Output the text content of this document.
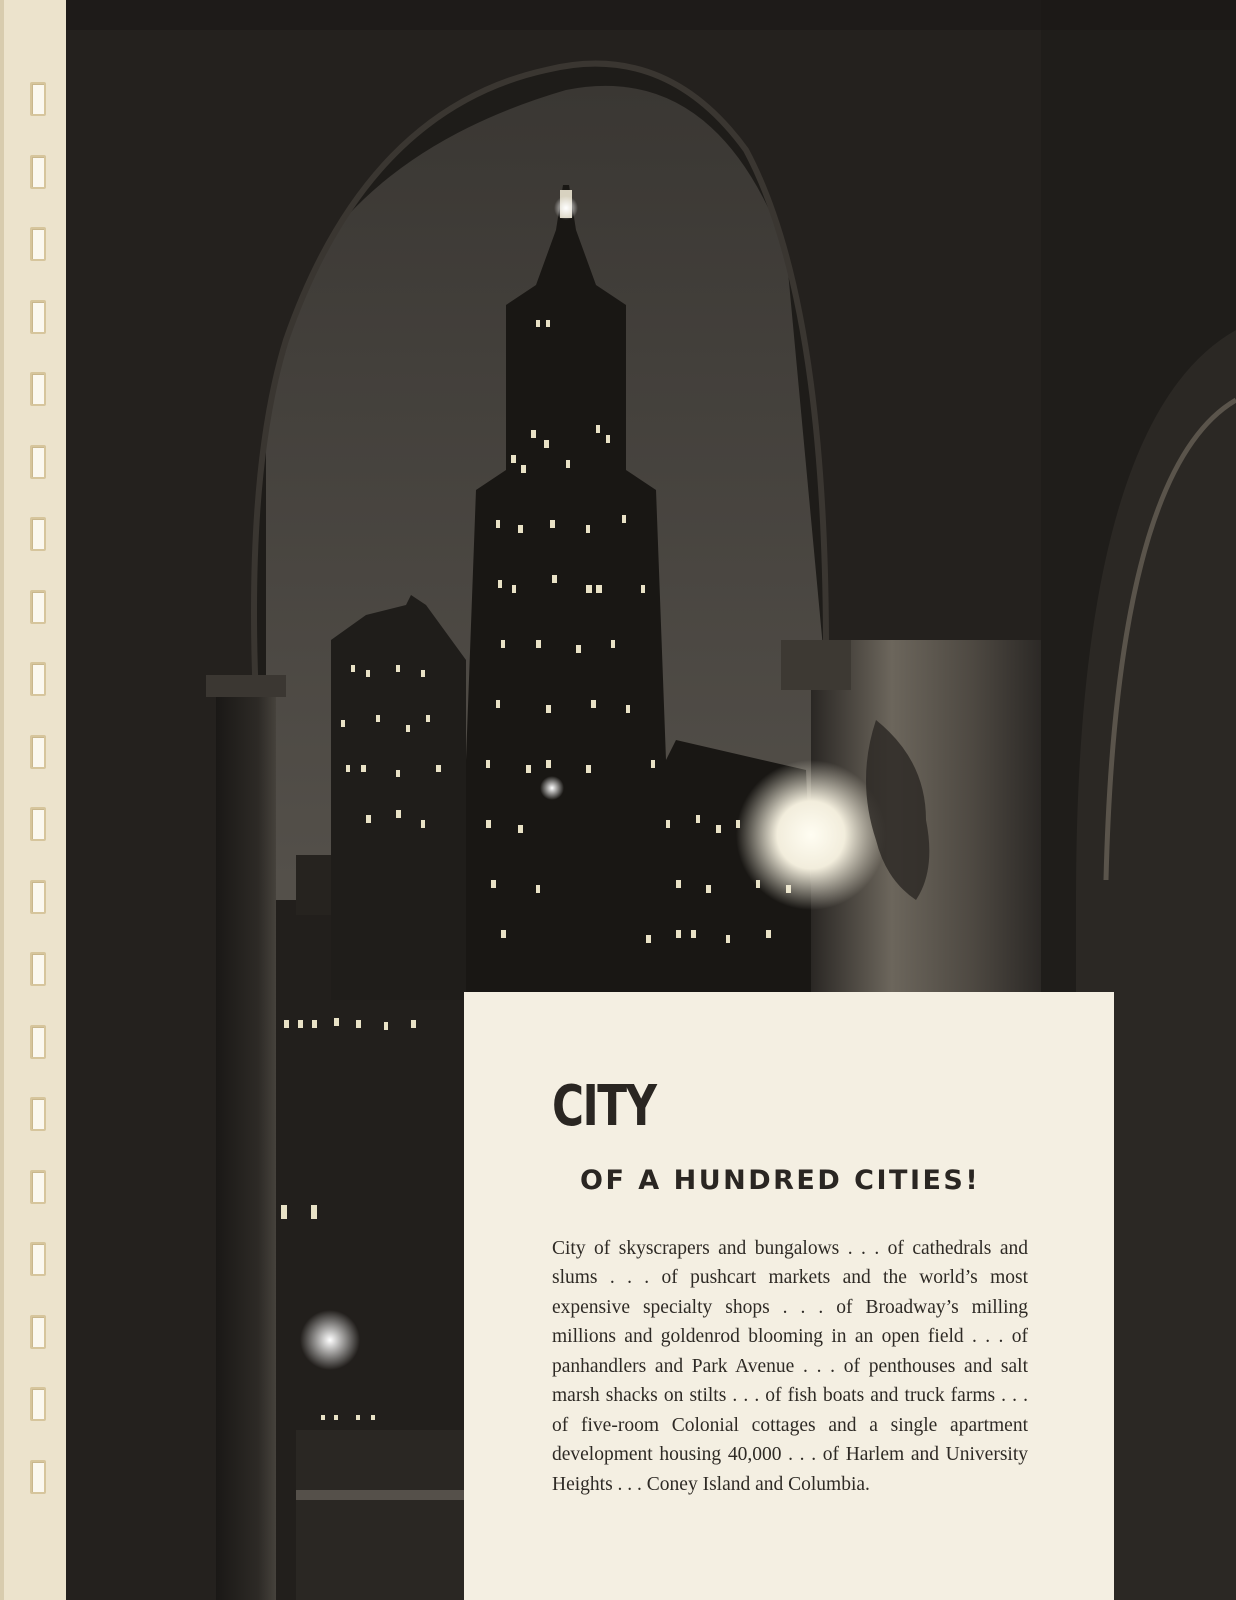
CITY
OF A HUNDRED CITIES!

City of skyscrapers and bungalows . . . of cathedrals and slums . . . of pushcart markets and the world’s most expensive specialty shops . . . of Broadway’s milling millions and goldenrod blooming in an open field . . . of panhandlers and Park Avenue . . . of penthouses and salt marsh shacks on stilts . . . of fish boats and truck farms . . . of five-room Colonial cottages and a single apartment development housing 40,000 . . . of Harlem and University Heights . . . Coney Island and Columbia.
